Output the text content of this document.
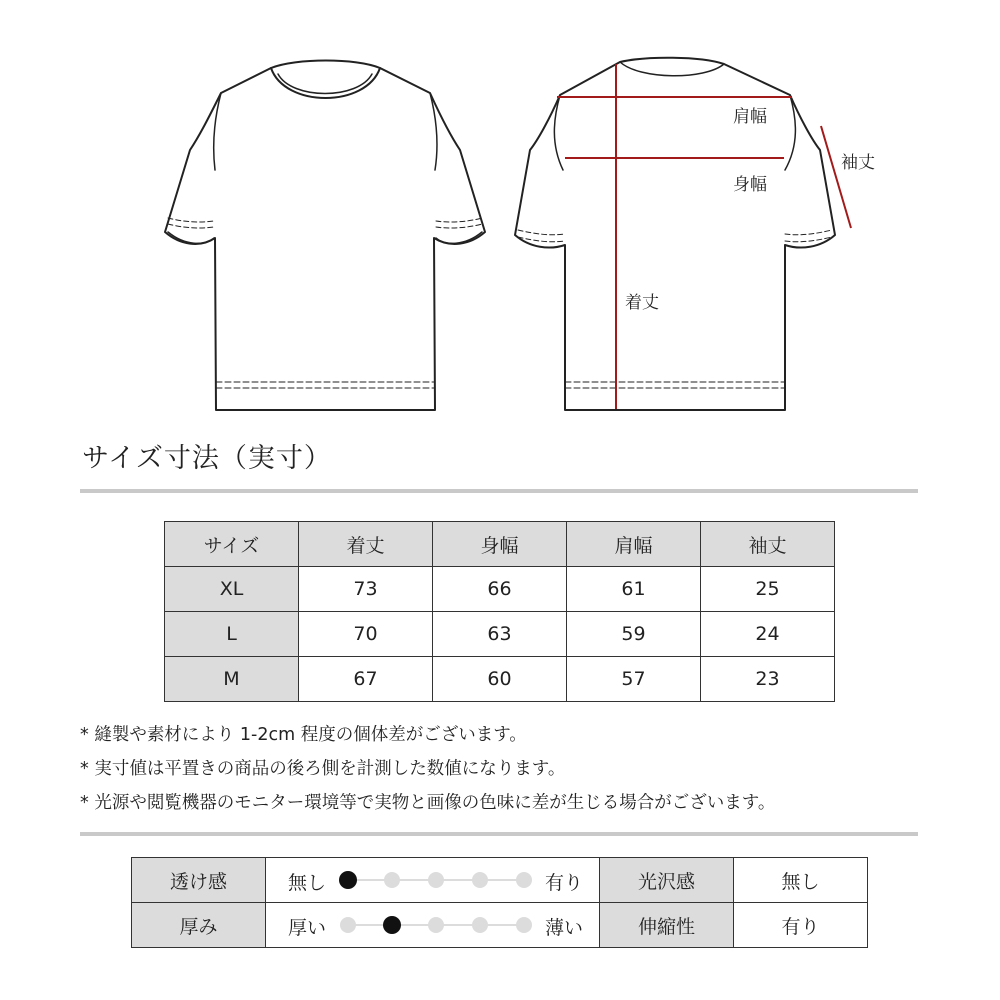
肩幅
身幅
袖丈
着丈
サイズ寸法（実寸）
サイズ	着丈	身幅	肩幅	袖丈
XL	73	66	61	25
L	70	63	59	24
M	67	60	57	23
* 縫製や素材により 1-2cm 程度の個体差がございます。
* 実寸値は平置きの商品の後ろ側を計測した数値になります。
* 光源や閲覧機器のモニター環境等で実物と画像の色味に差が生じる場合がございます。
透け感	無し 有り	光沢感	無し
厚み	厚い 薄い	伸縮性	有り
